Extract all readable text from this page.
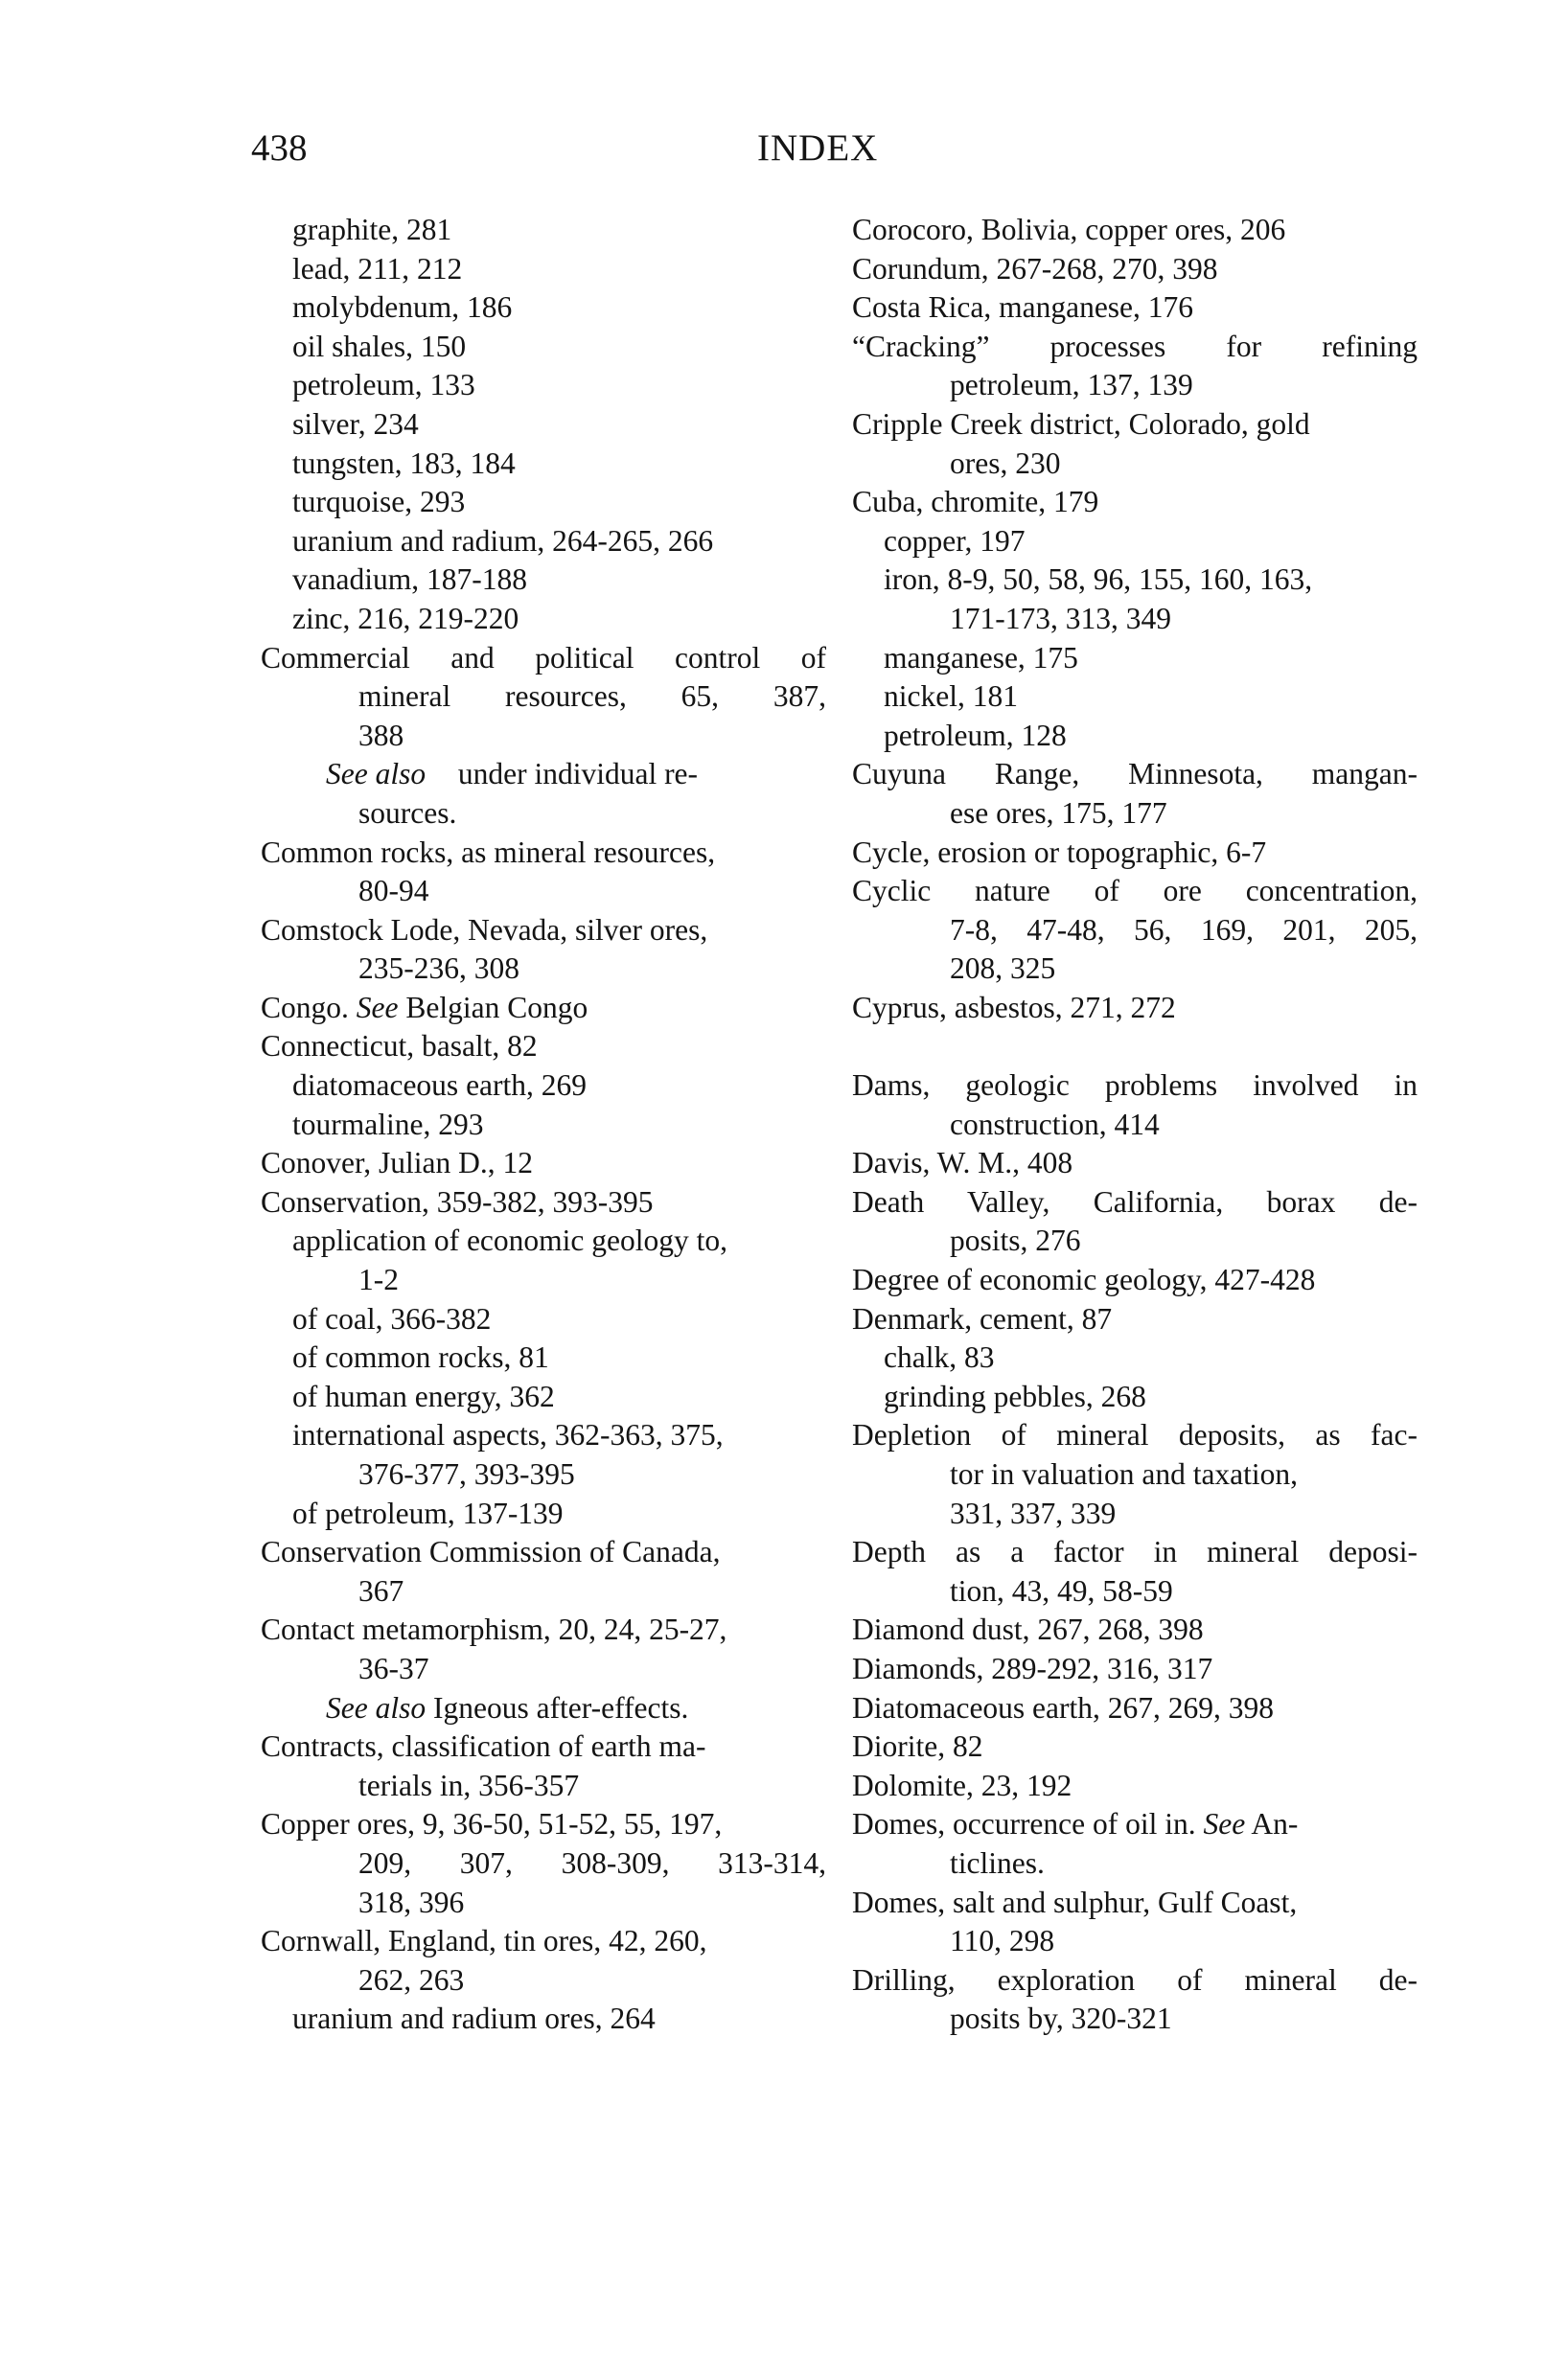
438	INDEX
graphite, 281
lead, 211, 212
molybdenum, 186
oil shales, 150
petroleum, 133
silver, 234
tungsten, 183, 184
turquoise, 293
uranium and radium, 264-265, 266
vanadium, 187-188
zinc, 216, 219-220
Commercial and political control of
mineral resources, 65, 387,
388
See also under individual re-
sources.
Common rocks, as mineral resources,
80-94
Comstock Lode, Nevada, silver ores,
235-236, 308
Congo. See Belgian Congo
Connecticut, basalt, 82
diatomaceous earth, 269
tourmaline, 293
Conover, Julian D., 12
Conservation, 359-382, 393-395
application of economic geology to,
1-2
of coal, 366-382
of common rocks, 81
of human energy, 362
international aspects, 362-363, 375,
376-377, 393-395
of petroleum, 137-139
Conservation Commission of Canada,
367
Contact metamorphism, 20, 24, 25-27,
36-37
See also Igneous after-effects.
Contracts, classification of earth ma-
terials in, 356-357
Copper ores, 9, 36-50, 51-52, 55, 197,
209, 307, 308-309, 313-314,
318, 396
Cornwall, England, tin ores, 42, 260,
262, 263
uranium and radium ores, 264
Corocoro, Bolivia, copper ores, 206
Corundum, 267-268, 270, 398
Costa Rica, manganese, 176
“Cracking” processes for refining
petroleum, 137, 139
Cripple Creek district, Colorado, gold
ores, 230
Cuba, chromite, 179
copper, 197
iron, 8-9, 50, 58, 96, 155, 160, 163,
171-173, 313, 349
manganese, 175
nickel, 181
petroleum, 128
Cuyuna Range, Minnesota, mangan-
ese ores, 175, 177
Cycle, erosion or topographic, 6-7
Cyclic nature of ore concentration,
7-8, 47-48, 56, 169, 201, 205,
208, 325
Cyprus, asbestos, 271, 272
Dams, geologic problems involved in
construction, 414
Davis, W. M., 408
Death Valley, California, borax de-
posits, 276
Degree of economic geology, 427-428
Denmark, cement, 87
chalk, 83
grinding pebbles, 268
Depletion of mineral deposits, as fac-
tor in valuation and taxation,
331, 337, 339
Depth as a factor in mineral deposi-
tion, 43, 49, 58-59
Diamond dust, 267, 268, 398
Diamonds, 289-292, 316, 317
Diatomaceous earth, 267, 269, 398
Diorite, 82
Dolomite, 23, 192
Domes, occurrence of oil in. See An-
ticlines.
Domes, salt and sulphur, Gulf Coast,
110, 298
Drilling, exploration of mineral de-
posits by, 320-321
